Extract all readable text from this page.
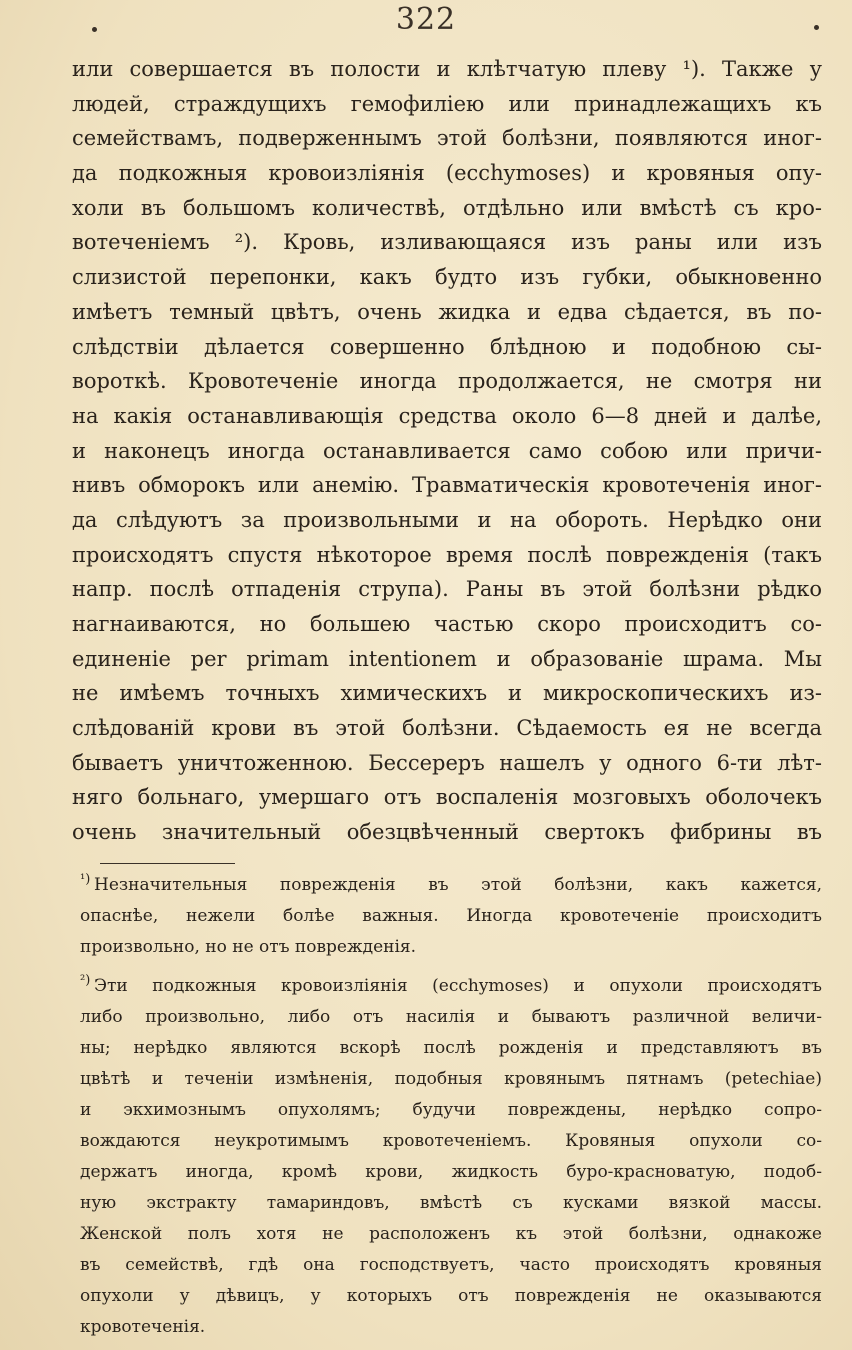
322
или совершается въ полости и клѣтчатую плеву ¹). Также у
людей, страждущихъ гемофиліею или принадлежащихъ къ
семействамъ, подверженнымъ этой болѣзни, появляются иног-
да подкожныя кровоизліянія (ecchymoses) и кровяныя опу-
холи въ большомъ количествѣ, отдѣльно или вмѣстѣ съ кро-
вотеченіемъ ²). Кровь, изливающаяся изъ раны или изъ
слизистой перепонки, какъ будто изъ губки, обыкновенно
имѣетъ темный цвѣтъ, очень жидка и едва сѣдается, въ по-
слѣдствіи дѣлается совершенно блѣдною и подобною сы-
вороткѣ. Кровотеченіе иногда продолжается, не смотря ни
на какія останавливающія средства около 6—8 дней и далѣе,
и наконецъ иногда останавливается само собою или причи-
нивъ обморокъ или анемію. Травматическія кровотеченія иног-
да слѣдуютъ за произвольными и на обороть. Нерѣдко они
происходятъ спустя нѣкоторое время послѣ поврежденія (такъ
напр. послѣ отпаденія струпа). Раны въ этой болѣзни рѣдко
нагнаиваются, но большею частью скоро происходитъ со-
единеніе per primam intentionem и образованіе шрама. Мы
не имѣемъ точныхъ химическихъ и микроскопическихъ из-
слѣдованій крови въ этой болѣзни. Сѣдаемость ея не всегда
бываетъ уничтоженною. Бессереръ нашелъ у одного 6-ти лѣт-
няго больнаго, умершаго отъ воспаленія мозговыхъ оболочекъ
очень значительный обезцвѣченный свертокъ фибрины въ
¹) Незначительныя поврежденія въ этой болѣзни, какъ кажется,
опаснѣе, нежели болѣе важныя. Иногда кровотеченіе происходитъ
произвольно, но не отъ поврежденія.
²) Эти подкожныя кровоизліянія (ecchymoses) и опухоли происходятъ
либо произвольно, либо отъ насилія и бываютъ различной величи-
ны; нерѣдко являются вскорѣ послѣ рожденія и представляютъ въ
цвѣтѣ и теченіи измѣненія, подобныя кровянымъ пятнамъ (petechiae)
и экхимознымъ опухолямъ; будучи повреждены, нерѣдко сопро-
вождаются неукротимымъ кровотеченіемъ. Кровяныя опухоли со-
держатъ иногда, кромѣ крови, жидкость буро-красноватую, подоб-
ную экстракту тамариндовъ, вмѣстѣ съ кусками вязкой массы.
Женской полъ хотя не расположенъ къ этой болѣзни, однакоже
въ семействѣ, гдѣ она господствуетъ, часто происходятъ кровяныя
опухоли у дѣвицъ, у которыхъ отъ поврежденія не оказываются
кровотеченія.
